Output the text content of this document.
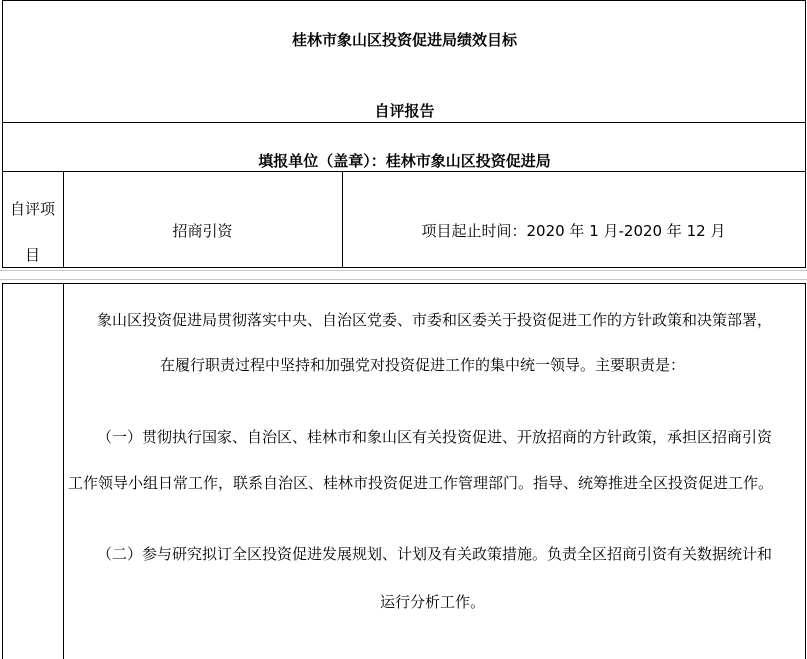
桂林市象山区投资促进局绩效目标
自评报告
填报单位（盖章）：桂林市象山区投资促进局
自评项
目
招商引资	项目起止时间：2020 年 1 月-2020 年 12 月
象山区投资促进局贯彻落实中央、自治区党委、市委和区委关于投资促进工作的方针政策和决策部署，
在履行职责过程中坚持和加强党对投资促进工作的集中统一领导。主要职责是：
（一）贯彻执行国家、自治区、桂林市和象山区有关投资促进、开放招商的方针政策，承担区招商引资
工作领导小组日常工作，联系自治区、桂林市投资促进工作管理部门。指导、统筹推进全区投资促进工作。
（二）参与研究拟订全区投资促进发展规划、计划及有关政策措施。负责全区招商引资有关数据统计和
运行分析工作。
